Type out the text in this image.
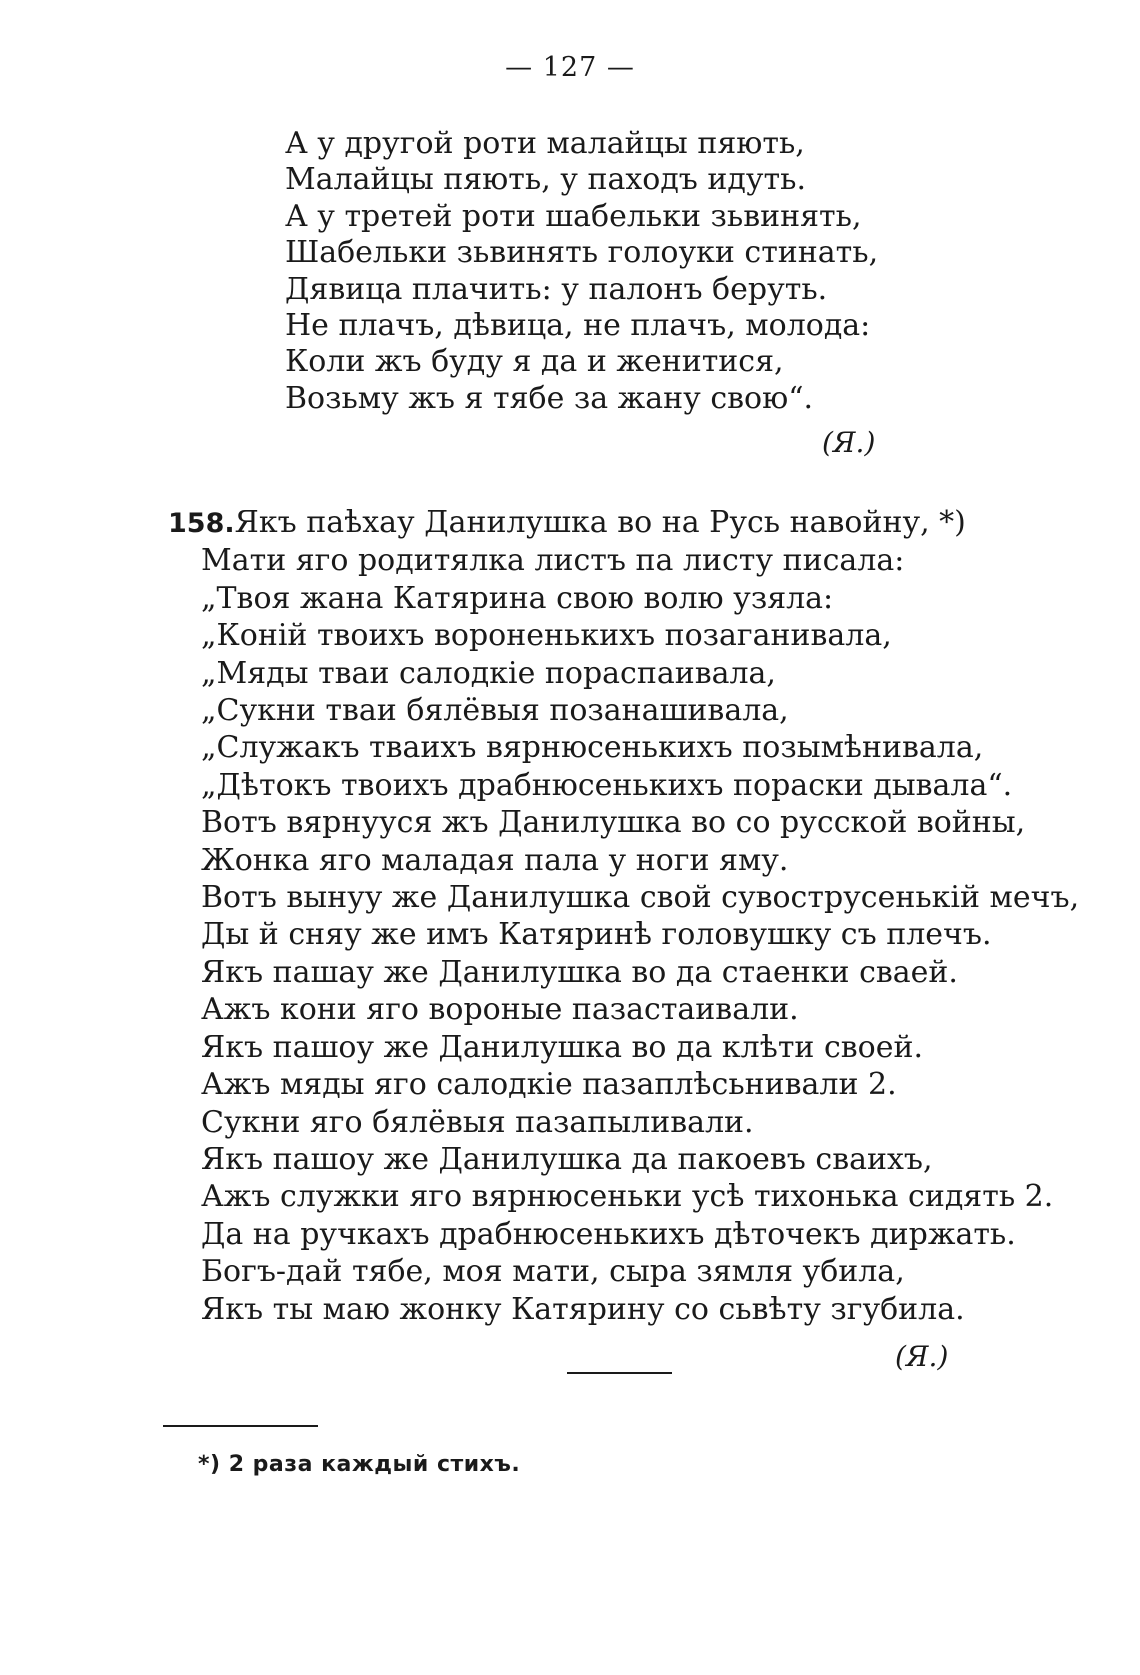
— 127 —
А у другой роти малайцы пяють,
Малайцы пяють, у паходъ идуть.
А у третей роти шабельки зьвинять,
Шабельки зьвинять голоуки стинать,
Дявица плачить: у палонъ беруть.
Не плачъ, дѣвица, не плачъ, молода:
Коли жъ буду я да и женитися,
Возьму жъ я тябе за жану свою“.
(Я.)
158.Якъ паѣхау Данилушка во на Русь навойну, *)
Мати яго родитялка листъ па листу писала:
„Твоя жана Катярина свою волю узяла:
„Коній твоихъ вороненькихъ позаганивала,
„Мяды тваи салодкіе пораспаивала,
„Сукни тваи бялёвыя позанашивала,
„Служакъ тваихъ вярнюсенькихъ позымѣнивала,
„Дѣтокъ твоихъ драбнюсенькихъ пораски дывала“.
Вотъ вярнууся жъ Данилушка во со русской войны,
Жонка яго маладая пала у ноги яму.
Вотъ вынуу же Данилушка свой сувострусенькій мечъ,
Ды й сняу же имъ Катяринѣ головушку съ плечъ.
Якъ пашау же Данилушка во да стаенки сваей.
Ажъ кони яго вороные пазастаивали.
Якъ пашоу же Данилушка во да клѣти своей.
Ажъ мяды яго салодкіе пазаплѣсьнивали 2.
Сукни яго бялёвыя пазапыливали.
Якъ пашоу же Данилушка да пакоевъ сваихъ,
Ажъ служки яго вярнюсеньки усѣ тихонька сидять 2.
Да на ручкахъ драбнюсенькихъ дѣточекъ диржать.
Богъ-дай тябе, моя мати, сыра зямля убила,
Якъ ты маю жонку Катярину со сьвѣту згубила.
(Я.)
*) 2 раза каждый стихъ.
